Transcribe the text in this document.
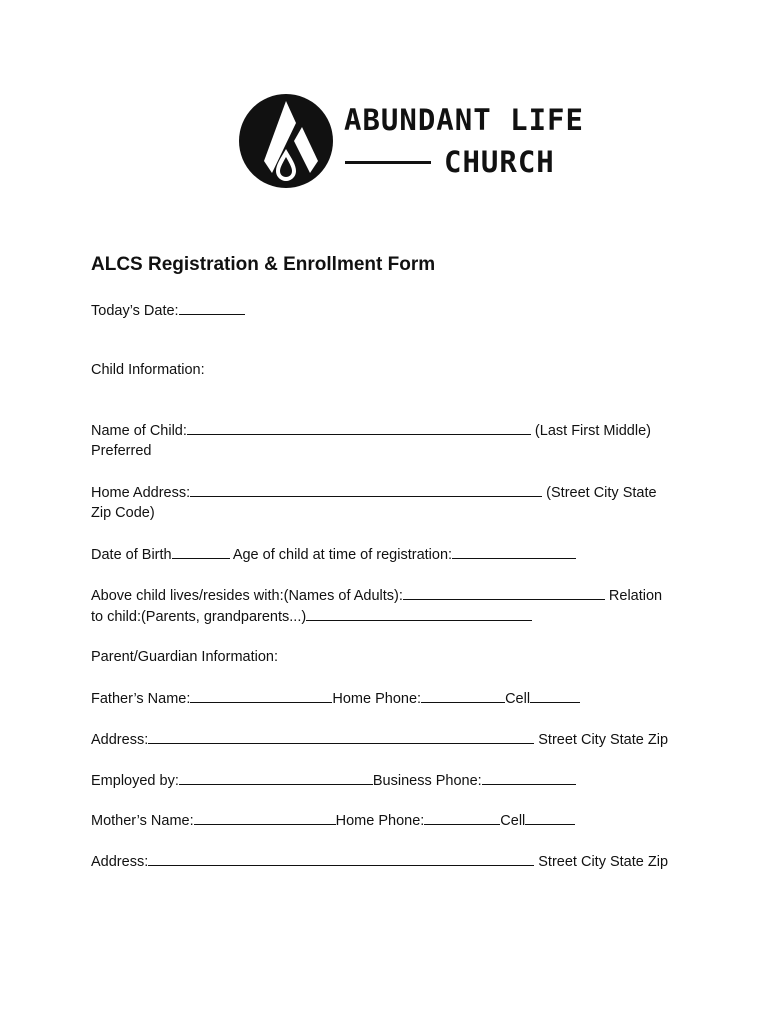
ABUNDANT LIFE
CHURCH
ALCS Registration & Enrollment Form
Today’s Date:
Child Information:
Name of Child:	(Last First Middle)
Preferred
Home Address:	(Street City State
Zip Code)
Date of Birth	Age of child at time of registration:
Above child lives/resides with:(Names of Adults):	Relation
to child:(Parents, grandparents...)
Parent/Guardian Information:
Father’s Name:	Home Phone:	Cell
Address:	Street City State Zip
Employed by:	Business Phone:
Mother’s Name:	Home Phone:	Cell
Address:	Street City State Zip
